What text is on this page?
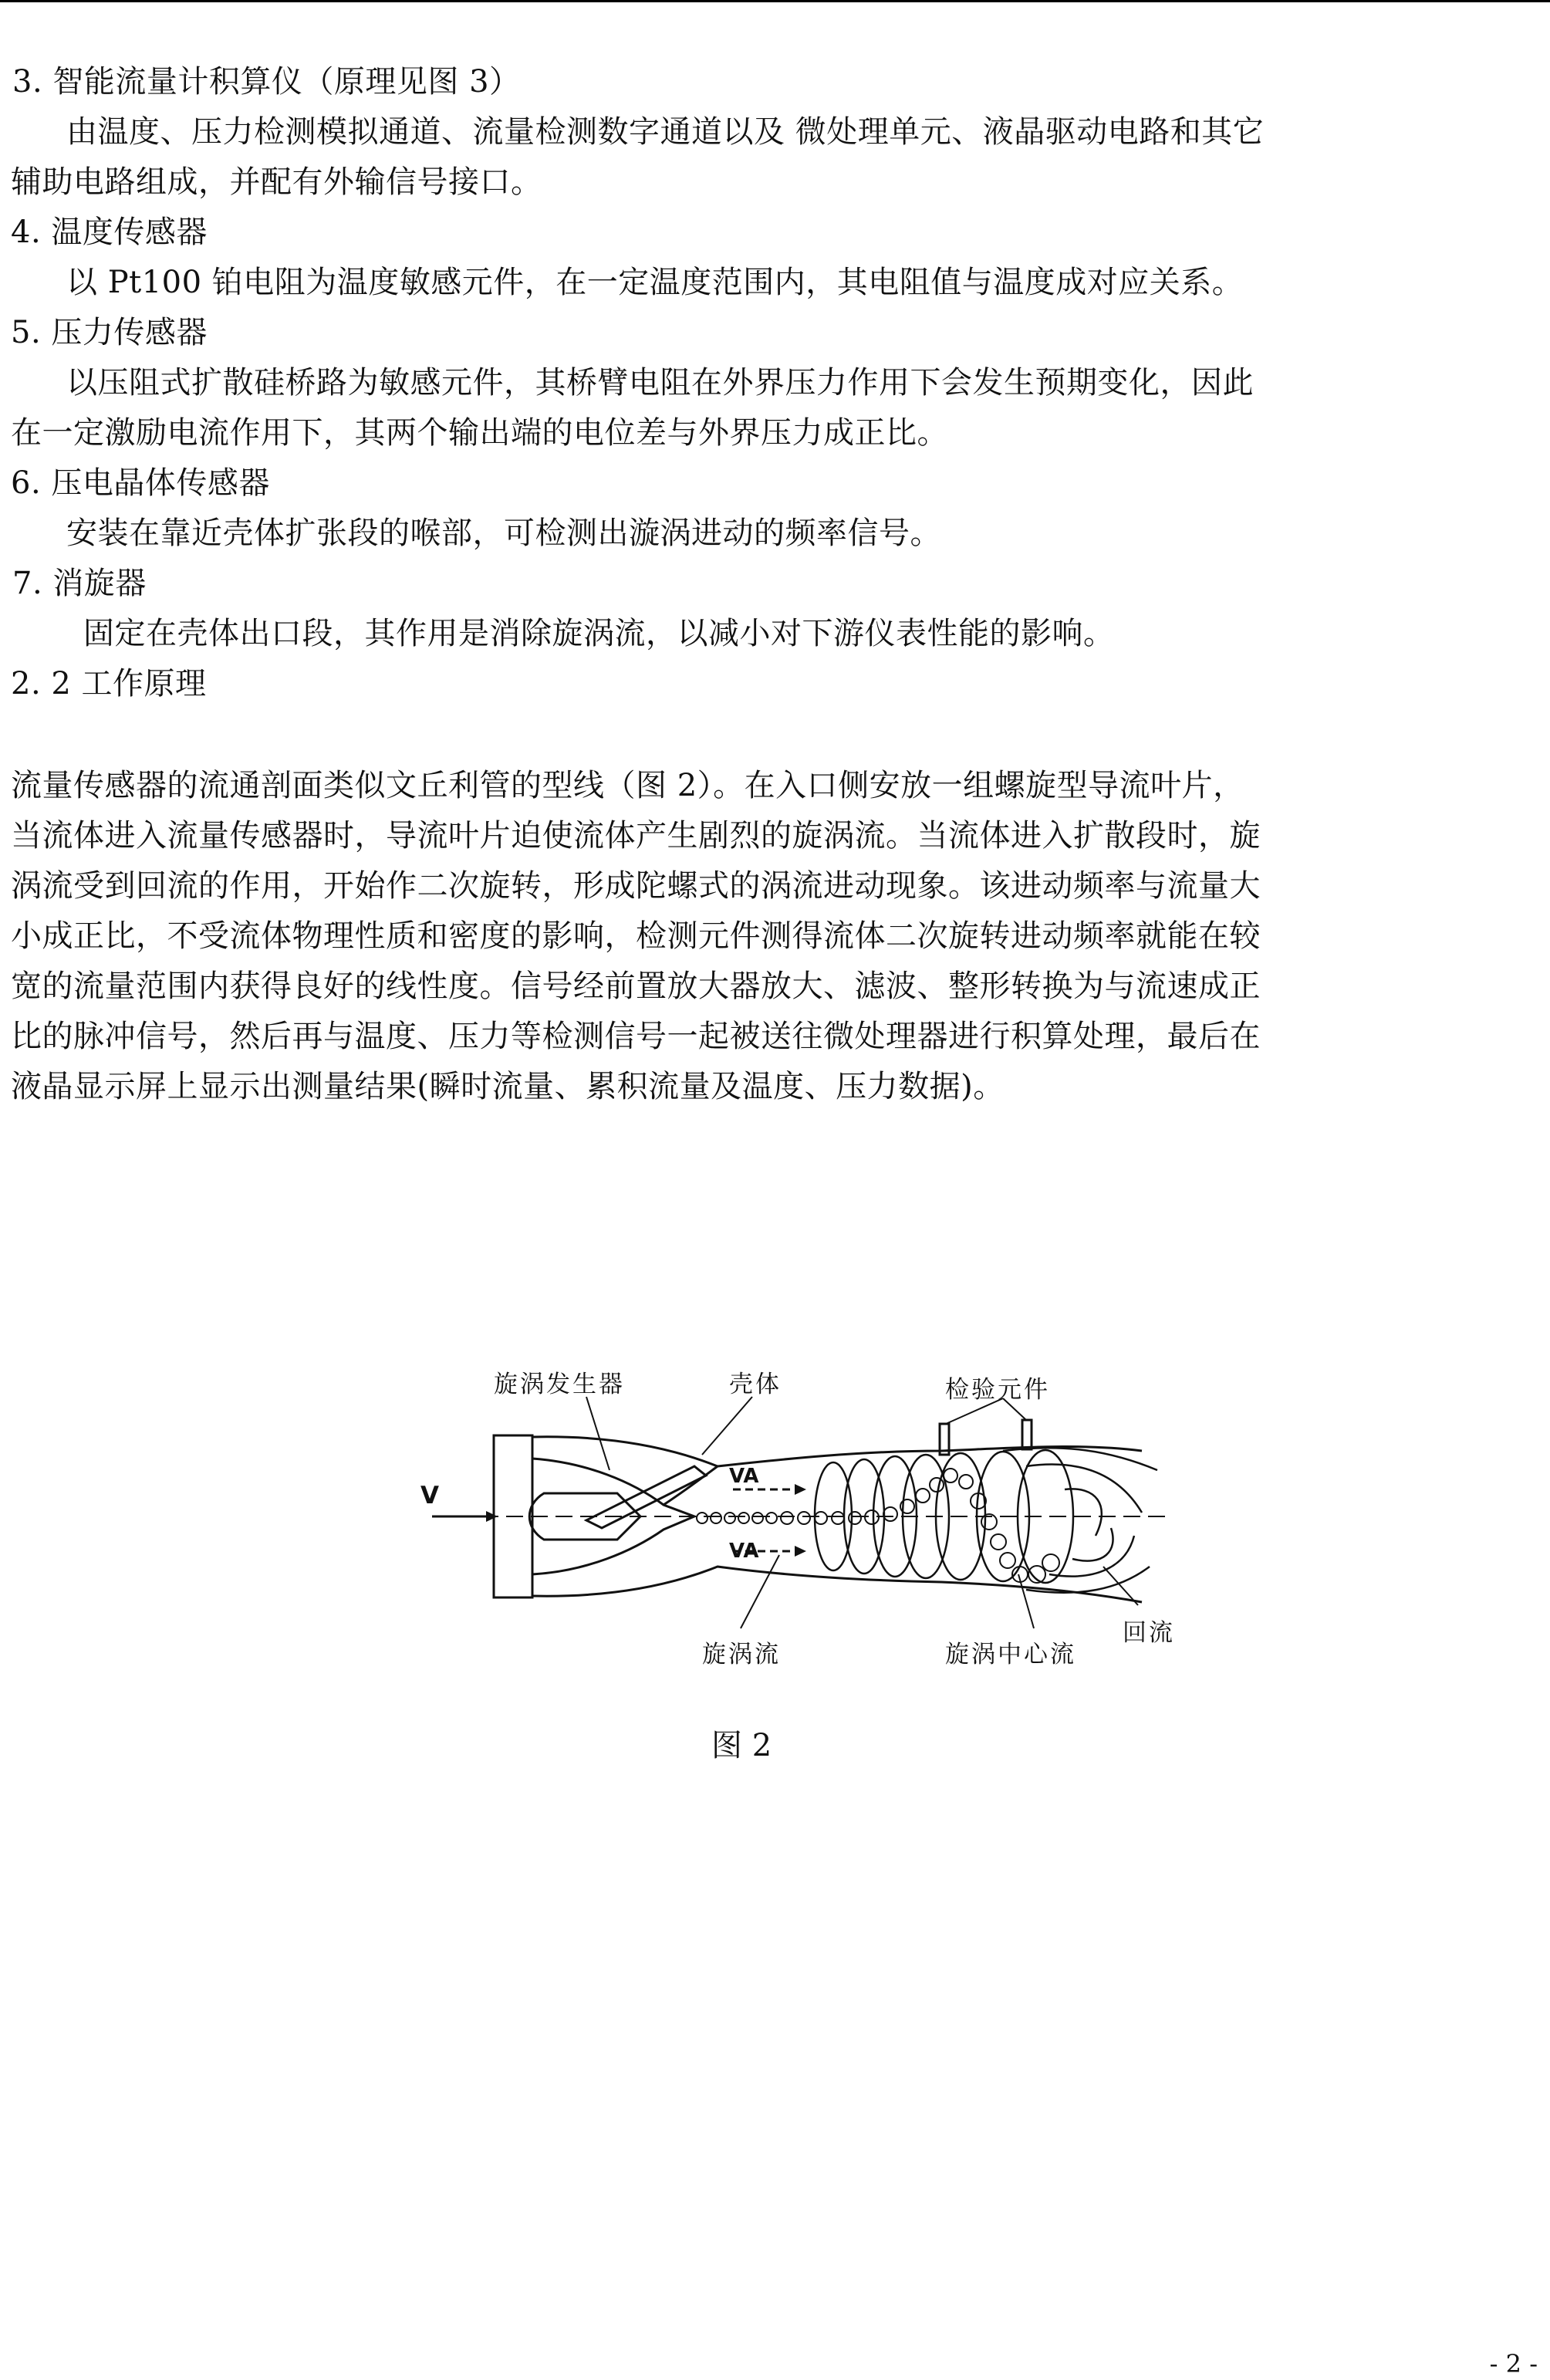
3. 智能流量计积算仪（原理见图 3）
由温度、压力检测模拟通道、流量检测数字通道以及 微处理单元、液晶驱动电路和其它
辅助电路组成，并配有外输信号接口。
4. 温度传感器
以 Pt100 铂电阻为温度敏感元件，在一定温度范围内，其电阻值与温度成对应关系。
5. 压力传感器
以压阻式扩散硅桥路为敏感元件，其桥臂电阻在外界压力作用下会发生预期变化，因此
在一定激励电流作用下，其两个输出端的电位差与外界压力成正比。
6. 压电晶体传感器
安装在靠近壳体扩张段的喉部，可检测出漩涡进动的频率信号。
7. 消旋器
固定在壳体出口段，其作用是消除旋涡流，以减小对下游仪表性能的影响。
2. 2 工作原理
流量传感器的流通剖面类似文丘利管的型线（图 2）。在入口侧安放一组螺旋型导流叶片，
当流体进入流量传感器时，导流叶片迫使流体产生剧烈的旋涡流。当流体进入扩散段时，旋
涡流受到回流的作用，开始作二次旋转，形成陀螺式的涡流进动现象。该进动频率与流量大
小成正比，不受流体物理性质和密度的影响，检测元件测得流体二次旋转进动频率就能在较
宽的流量范围内获得良好的线性度。信号经前置放大器放大、滤波、整形转换为与流速成正
比的脉冲信号，然后再与温度、压力等检测信号一起被送往微处理器进行积算处理，最后在
液晶显示屏上显示出测量结果(瞬时流量、累积流量及温度、压力数据)。
旋涡发生器	壳体	检验元件
V
VA
VA
旋涡流	旋涡中心流
回流
图 2
- 2 -
